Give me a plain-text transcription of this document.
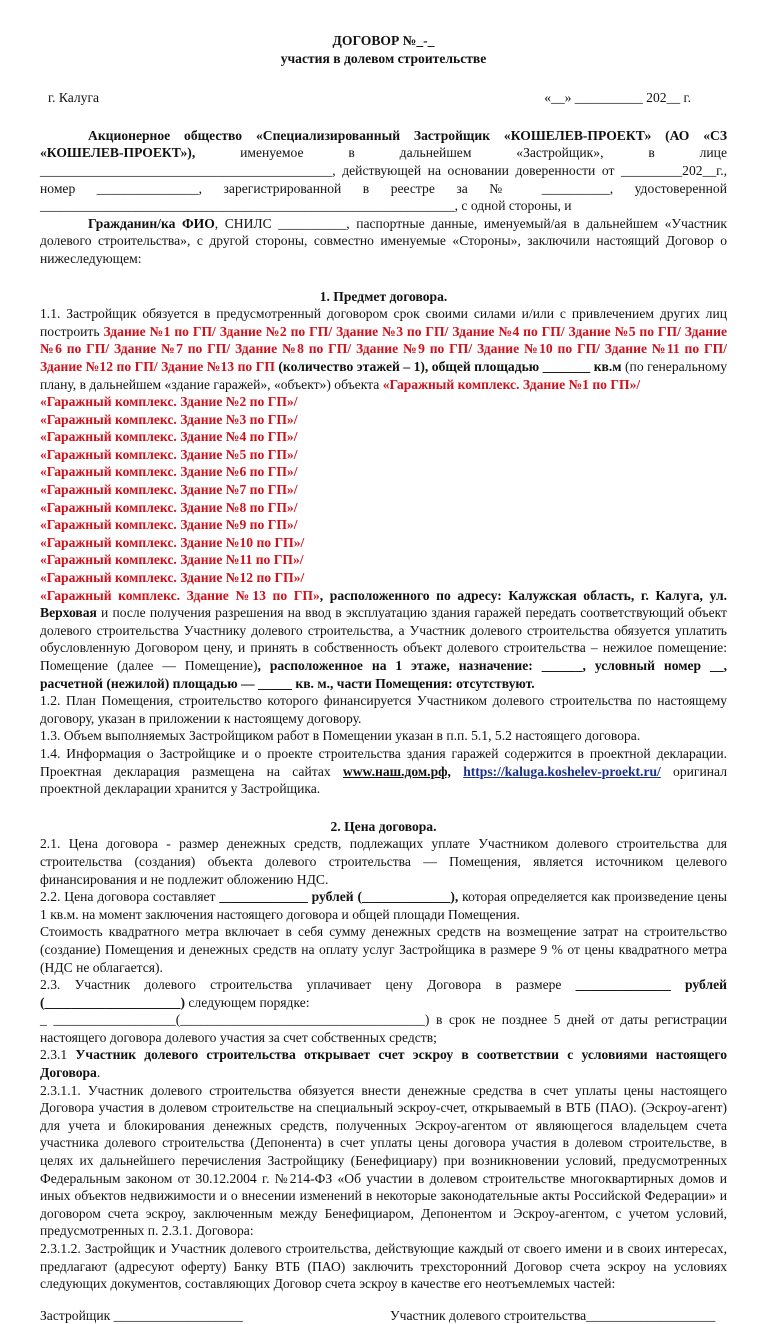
ДОГОВОР №_-_

участия в долевом строительстве

г. Калуга	«__» __________ 202__ г.

Акционерное общество «Специализированный Застройщик «КОШЕЛЕВ-ПРОЕКТ» (АО «СЗ «КОШЕЛЕВ-ПРОЕКТ»), именуемое в дальнейшем «Застройщик», в лице ___________________________________________, действующей на основании доверенности от _________202__г., номер _______________, зарегистрированной в реестре за № __________, удостоверенной _____________________________________________________________, с одной стороны, и

Гражданин/ка ФИО, СНИЛС __________, паспортные данные, именуемый/ая в дальнейшем «Участник долевого строительства», с другой стороны, совместно именуемые «Стороны», заключили настоящий Договор о нижеследующем:

1. Предмет договора.

1.1. Застройщик обязуется в предусмотренный договором срок своими силами и/или с привлечением других лиц построить Здание №1 по ГП/ Здание №2 по ГП/ Здание №3 по ГП/ Здание №4 по ГП/ Здание №5 по ГП/ Здание №6 по ГП/ Здание №7 по ГП/ Здание №8 по ГП/ Здание №9 по ГП/ Здание №10 по ГП/ Здание №11 по ГП/ Здание №12 по ГП/ Здание №13 по ГП (количество этажей – 1), общей площадью _______ кв.м (по генеральному плану, в дальнейшем «здание гаражей», «объект») объекта «Гаражный комплекс. Здание №1 по ГП»/
«Гаражный комплекс. Здание №2 по ГП»/
«Гаражный комплекс. Здание №3 по ГП»/
«Гаражный комплекс. Здание №4 по ГП»/
«Гаражный комплекс. Здание №5 по ГП»/
«Гаражный комплекс. Здание №6 по ГП»/
«Гаражный комплекс. Здание №7 по ГП»/
«Гаражный комплекс. Здание №8 по ГП»/
«Гаражный комплекс. Здание №9 по ГП»/
«Гаражный комплекс. Здание №10 по ГП»/
«Гаражный комплекс. Здание №11 по ГП»/
«Гаражный комплекс. Здание №12 по ГП»/
«Гаражный комплекс. Здание №13 по ГП», расположенного по адресу: Калужская область, г. Калуга, ул. Верховая и после получения разрешения на ввод в эксплуатацию здания гаражей передать соответствующий объект долевого строительства Участнику долевого строительства, а Участник долевого строительства обязуется уплатить обусловленную Договором цену, и принять в собственность объект долевого строительства – нежилое помещение: Помещение (далее — Помещение), расположенное на 1 этаже, назначение: ______, условный номер __, расчетной (нежилой) площадью — _____ кв. м., части Помещения: отсутствуют.

1.2. План Помещения, строительство которого финансируется Участником долевого строительства по настоящему договору, указан в приложении к настоящему договору.

1.3. Объем выполняемых Застройщиком работ в Помещении указан в п.п. 5.1, 5.2 настоящего договора.

1.4. Информация о Застройщике и о проекте строительства здания гаражей содержится в проектной декларации. Проектная декларация размещена на сайтах www.наш.дом.рф, https://kaluga.koshelev-proekt.ru/ оригинал проектной декларации хранится у Застройщика.

2. Цена договора.

2.1. Цена договора - размер денежных средств, подлежащих уплате Участником долевого строительства для строительства (создания) объекта долевого строительства — Помещения, является источником целевого финансирования и не подлежит обложению НДС.

2.2. Цена договора составляет _____________ рублей (_____________), которая определяется как произведение цены 1 кв.м. на момент заключения настоящего договора и общей площади Помещения.

Стоимость квадратного метра включает в себя сумму денежных средств на возмещение затрат на строительство (создание) Помещения и денежных средств на оплату услуг Застройщика в размере 9 % от цены квадратного метра (НДС не облагается).

2.3. Участник долевого строительства уплачивает цену Договора в размере ______________ рублей (____________________) следующем порядке:

_ __________________(____________________________________) в срок не позднее 5 дней от даты регистрации настоящего договора долевого участия за счет собственных средств;

2.3.1 Участник долевого строительства открывает счет эскроу в соответствии с условиями настоящего Договора.

2.3.1.1. Участник долевого строительства обязуется внести денежные средства в счет уплаты цены настоящего Договора участия в долевом строительстве на специальный эскроу-счет, открываемый в ВТБ (ПАО). (Эскроу-агент) для учета и блокирования денежных средств, полученных Эскроу-агентом от являющегося владельцем счета участника долевого строительства (Депонента) в счет уплаты цены договора участия в долевом строительстве, в целях их дальнейшего перечисления Застройщику (Бенефициару) при возникновении условий, предусмотренных Федеральным законом от 30.12.2004 г. №214-ФЗ «Об участии в долевом строительстве многоквартирных домов и иных объектов недвижимости и о внесении изменений в некоторые законодательные акты Российской Федерации» и договором счета эскроу, заключенным между Бенефициаром, Депонентом и Эскроу-агентом, с учетом условий, предусмотренных п. 2.3.1. Договора:

2.3.1.2. Застройщик и Участник долевого строительства, действующие каждый от своего имени и в своих интересах, предлагают (адресуют оферту) Банку ВТБ (ПАО) заключить трехсторонний Договор счета эскроу на условиях следующих документов, составляющих Договор счета эскроу в качестве его неотъемлемых частей:

Застройщик ___________________	Участник долевого строительства___________________
